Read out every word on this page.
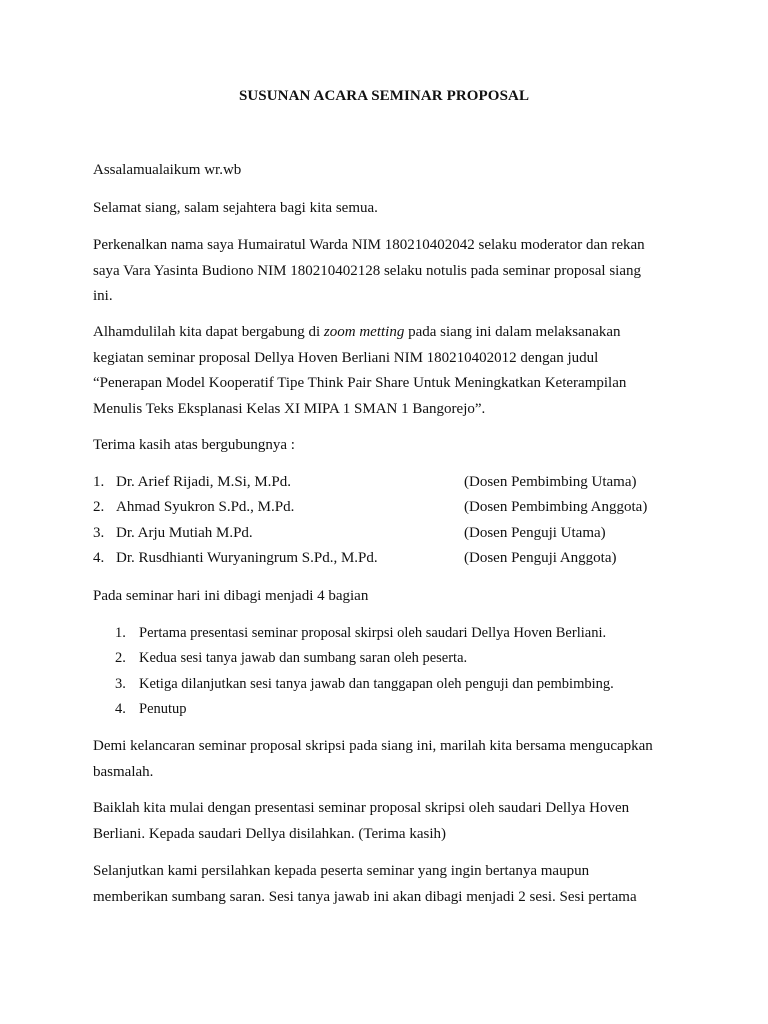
SUSUNAN ACARA SEMINAR PROPOSAL

Assalamualaikum wr.wb

Selamat siang, salam sejahtera bagi kita semua.

Perkenalkan nama saya Humairatul Warda NIM 180210402042 selaku moderator dan rekan
saya Vara Yasinta Budiono NIM 180210402128 selaku notulis pada seminar proposal siang
ini.

Alhamdulilah kita dapat bergabung di zoom metting pada siang ini dalam melaksanakan
kegiatan seminar proposal Dellya Hoven Berliani NIM 180210402012 dengan judul
“Penerapan Model Kooperatif Tipe Think Pair Share Untuk Meningkatkan Keterampilan
Menulis Teks Eksplanasi Kelas XI MIPA 1 SMAN 1 Bangorejo”.

Terima kasih atas bergubungnya :

1. Dr. Arief Rijadi, M.Si, M.Pd.	(Dosen Pembimbing Utama)
2. Ahmad Syukron S.Pd., M.Pd.	(Dosen Pembimbing Anggota)
3. Dr. Arju Mutiah M.Pd.	(Dosen Penguji Utama)
4. Dr. Rusdhianti Wuryaningrum S.Pd., M.Pd.	(Dosen Penguji Anggota)

Pada seminar hari ini dibagi menjadi 4 bagian

1. Pertama presentasi seminar proposal skirpsi oleh saudari Dellya Hoven Berliani.
2. Kedua sesi tanya jawab dan sumbang saran oleh peserta.
3. Ketiga dilanjutkan sesi tanya jawab dan tanggapan oleh penguji dan pembimbing.
4. Penutup

Demi kelancaran seminar proposal skripsi pada siang ini, marilah kita bersama mengucapkan
basmalah.

Baiklah kita mulai dengan presentasi seminar proposal skripsi oleh saudari Dellya Hoven
Berliani. Kepada saudari Dellya disilahkan. (Terima kasih)

Selanjutkan kami persilahkan kepada peserta seminar yang ingin bertanya maupun
memberikan sumbang saran. Sesi tanya jawab ini akan dibagi menjadi 2 sesi. Sesi pertama
